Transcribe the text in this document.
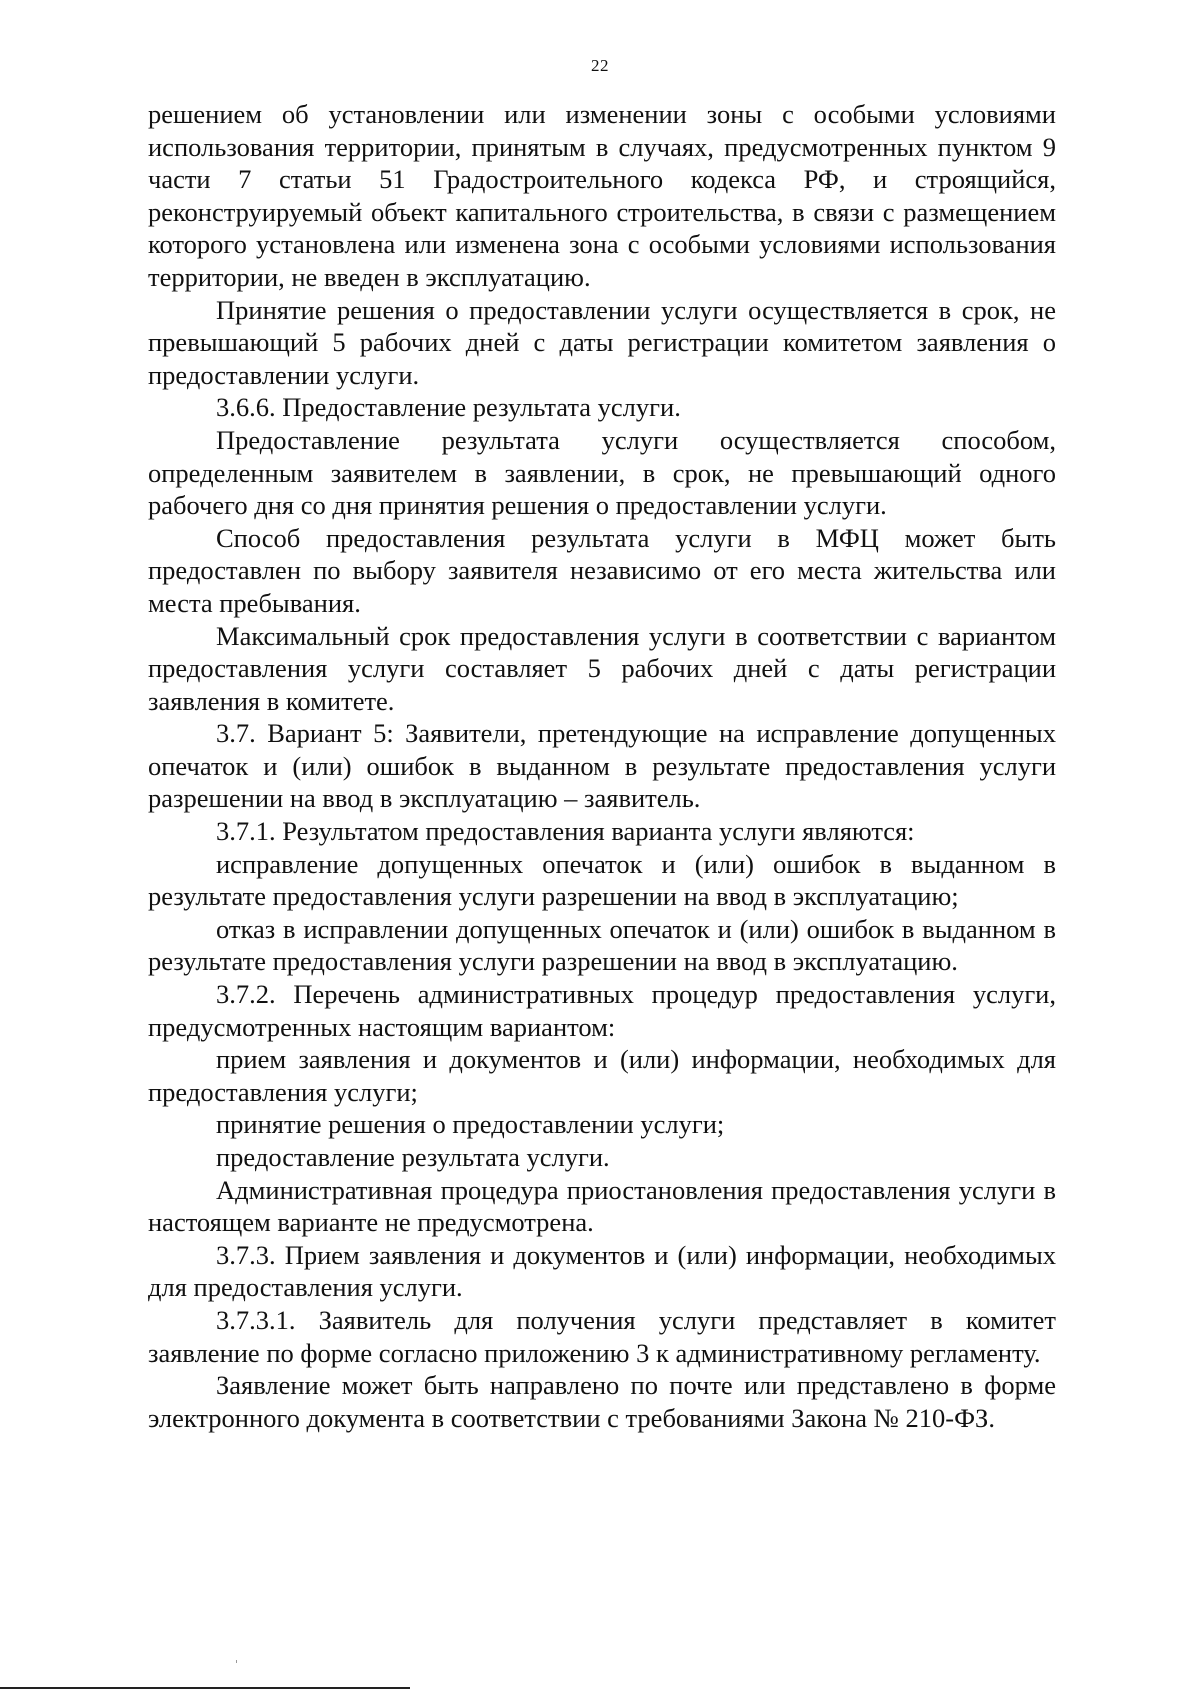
22

решением об установлении или изменении зоны с особыми условиями использования территории, принятым в случаях, предусмотренных пунктом 9 части 7 статьи 51 Градостроительного кодекса РФ, и строящийся, реконструируемый объект капитального строительства, в связи с размещением которого установлена или изменена зона с особыми условиями использования территории, не введен в эксплуатацию.

Принятие решения о предоставлении услуги осуществляется в срок, не превышающий 5 рабочих дней с даты регистрации комитетом заявления о предоставлении услуги.

3.6.6. Предоставление результата услуги.

Предоставление результата услуги осуществляется способом, определенным заявителем в заявлении, в срок, не превышающий одного рабочего дня со дня принятия решения о предоставлении услуги.

Способ предоставления результата услуги в МФЦ может быть предоставлен по выбору заявителя независимо от его места жительства или места пребывания.

Максимальный срок предоставления услуги в соответствии с вариантом предоставления услуги составляет 5 рабочих дней с даты регистрации заявления в комитете.

3.7. Вариант 5: Заявители, претендующие на исправление допущенных опечаток и (или) ошибок в выданном в результате предоставления услуги разрешении на ввод в эксплуатацию – заявитель.

3.7.1. Результатом предоставления варианта услуги являются:

исправление допущенных опечаток и (или) ошибок в выданном в результате предоставления услуги разрешении на ввод в эксплуатацию;

отказ в исправлении допущенных опечаток и (или) ошибок в выданном в результате предоставления услуги разрешении на ввод в эксплуатацию.

3.7.2. Перечень административных процедур предоставления услуги, предусмотренных настоящим вариантом:

прием заявления и документов и (или) информации, необходимых для предоставления услуги;

принятие решения о предоставлении услуги;

предоставление результата услуги.

Административная процедура приостановления предоставления услуги в настоящем варианте не предусмотрена.

3.7.3. Прием заявления и документов и (или) информации, необходимых для предоставления услуги.

3.7.3.1. Заявитель для получения услуги представляет в комитет заявление по форме согласно приложению 3 к административному регламенту.

Заявление может быть направлено по почте или представлено в форме электронного документа в соответствии с требованиями Закона № 210-ФЗ.
